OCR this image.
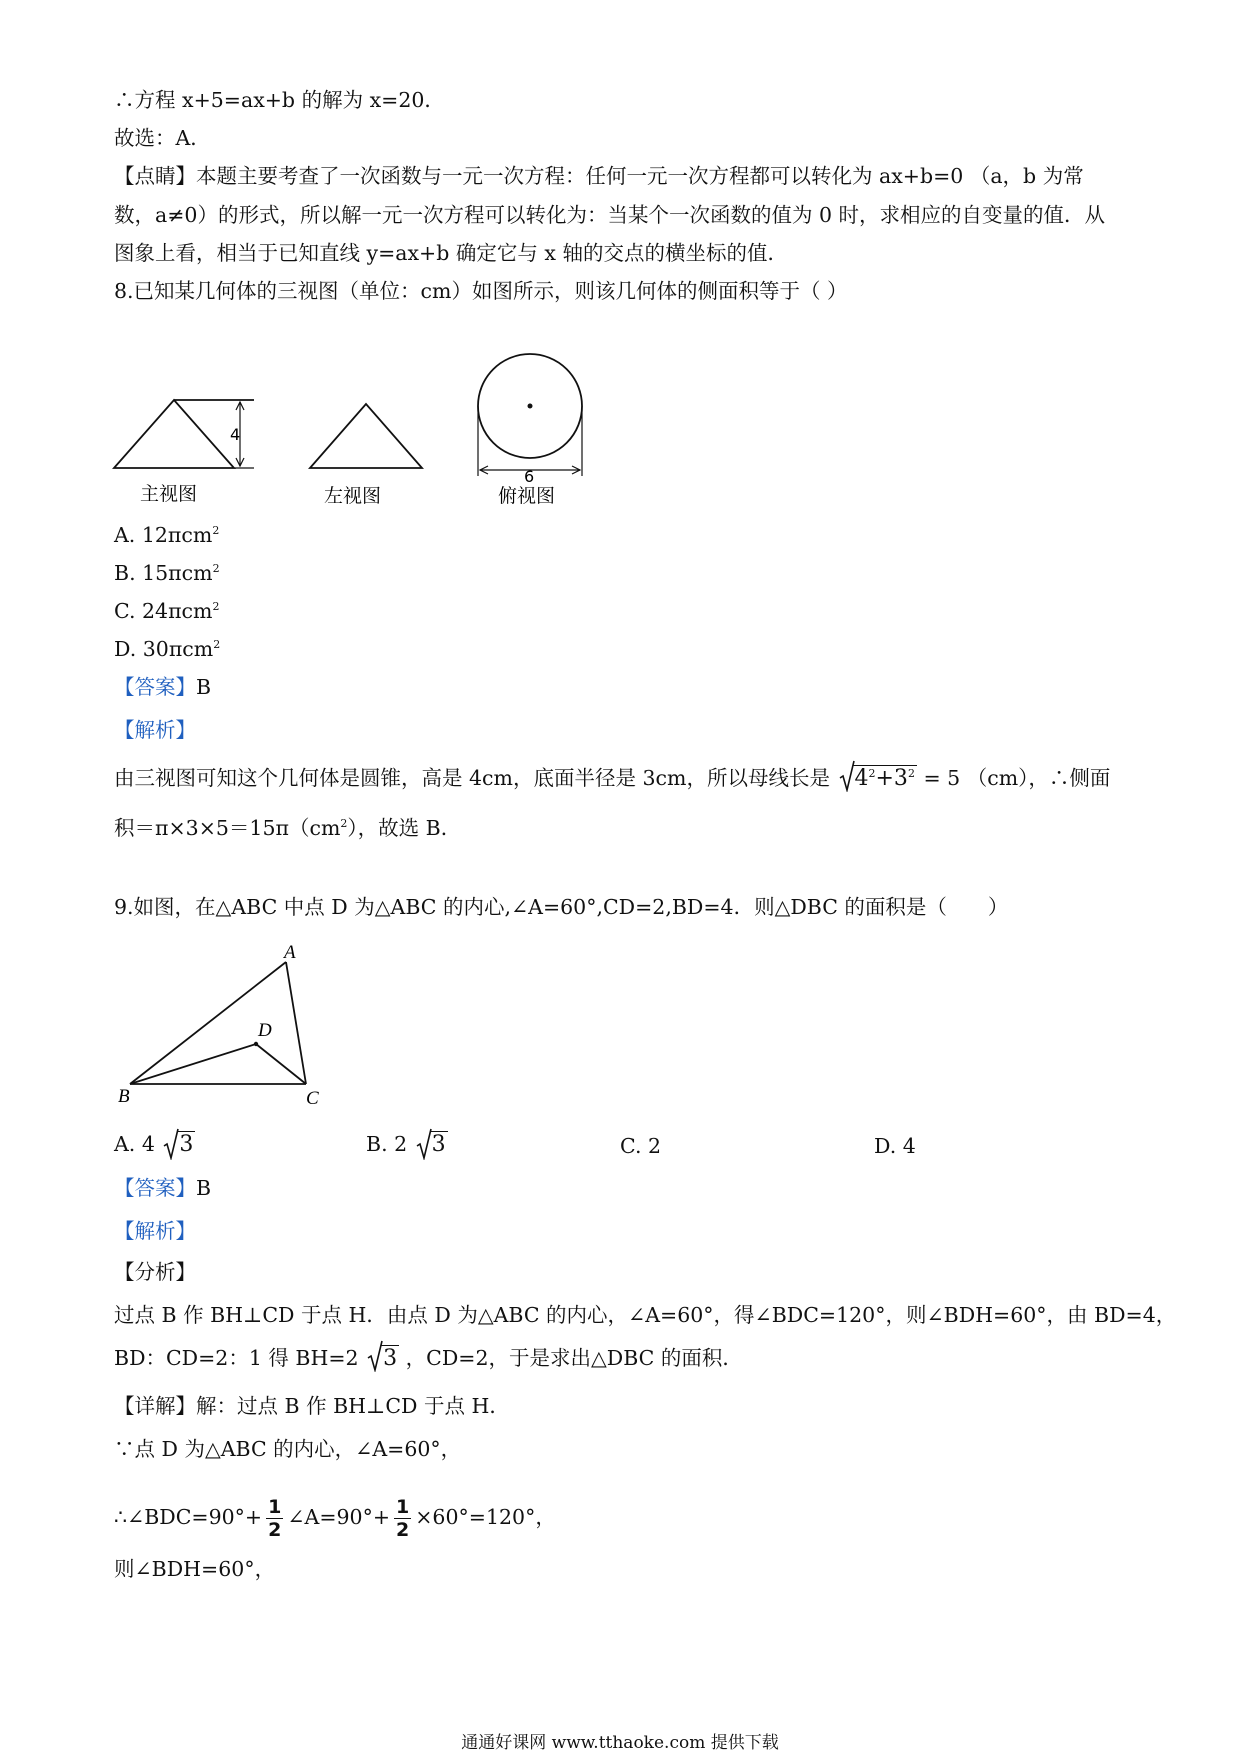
∴方程 x+5=ax+b 的解为 x=20．
故选：A．
【点睛】本题主要考查了一次函数与一元一次方程：任何一元一次方程都可以转化为 ax+b=0 （a，b 为常
数，a≠0）的形式，所以解一元一次方程可以转化为：当某个一次函数的值为 0 时，求相应的自变量的值．从
图象上看，相当于已知直线 y=ax+b 确定它与 x 轴的交点的横坐标的值．
8.已知某几何体的三视图（单位：cm）如图所示，则该几何体的侧面积等于（ ）
4
主视图	左视图
6
俯视图
A. 12πcm$^2$
B. 15πcm$^2$
C. 24πcm$^2$
D. 30πcm$^2$
【答案】B
【解析】
由三视图可知这个几何体是圆锥，高是 4cm，底面半径是 3cm，所以母线长是 $4^2+3^2 = 5$ （cm），∴侧面
积$=\pi\times 3\times 5=15\pi(cm^2)$，故选 B．
9.如图，在△ABC 中点 D 为△ABC 的内心,∠A=60°,CD=2,BD=4．则△DBC 的面积是（　　）
A
D
B	C
A. 4 3	B. 2 3	C. 2	D. 4
【答案】B
【解析】
【分析】
过点 B 作 BH⊥CD 于点 H．由点 D 为△ABC 的内心，∠A=60°，得∠BDC=120°，则∠BDH=60°，由 BD=4，
BD：CD=2：1 得 BH=2 3 ，CD=2，于是求出△DBC 的面积．
【详解】解：过点 B 作 BH⊥CD 于点 H．
∵点 D 为△ABC 的内心，∠A=60°，
∴∠BDC=90°+ $\frac{1}{2}$ ∠A=90°+ $\frac{1}{2} \times 60^\circ=120^\circ$，
则∠BDH=60°，
通通好课网 www.tthaoke.com 提供下载
